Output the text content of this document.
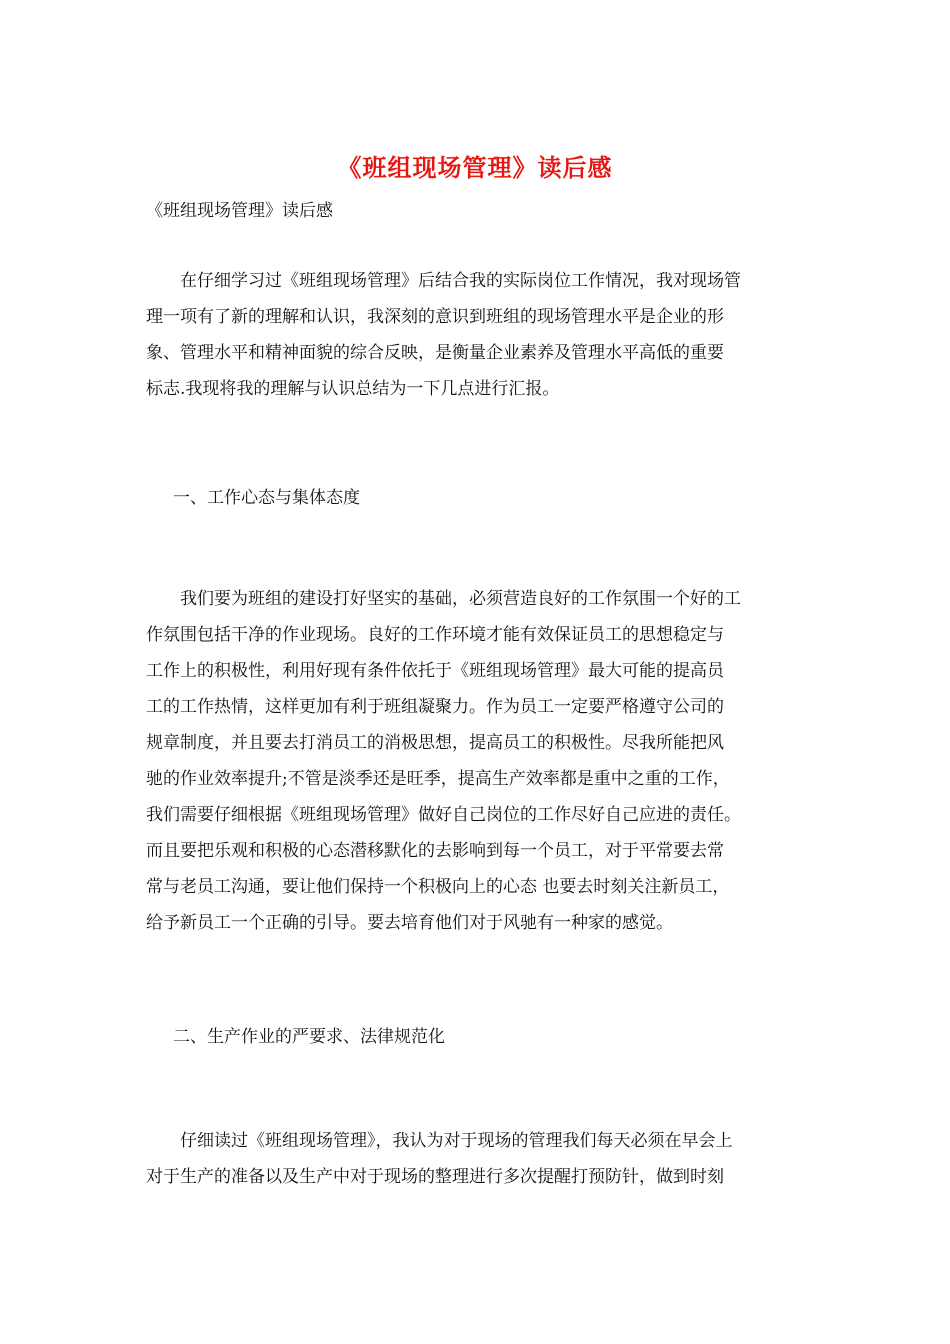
《班组现场管理》读后感
《班组现场管理》读后感
　　在仔细学习过《班组现场管理》后结合我的实际岗位工作情况，我对现场管
理一项有了新的理解和认识，我深刻的意识到班组的现场管理水平是企业的形
象、管理水平和精神面貌的综合反映，是衡量企业素养及管理水平高低的重要
标志.我现将我的理解与认识总结为一下几点进行汇报。
一、工作心态与集体态度
　　我们要为班组的建设打好坚实的基础，必须营造良好的工作氛围一个好的工
作氛围包括干净的作业现场。良好的工作环境才能有效保证员工的思想稳定与
工作上的积极性，利用好现有条件依托于《班组现场管理》最大可能的提高员
工的工作热情，这样更加有利于班组凝聚力。作为员工一定要严格遵守公司的
规章制度，并且要去打消员工的消极思想，提高员工的积极性。尽我所能把风
驰的作业效率提升;不管是淡季还是旺季，提高生产效率都是重中之重的工作，
我们需要仔细根据《班组现场管理》做好自己岗位的工作尽好自己应进的责任。
而且要把乐观和积极的心态潜移默化的去影响到每一个员工，对于平常要去常
常与老员工沟通，要让他们保持一个积极向上的心态 也要去时刻关注新员工，
给予新员工一个正确的引导。要去培育他们对于风驰有一种家的感觉。
二、生产作业的严要求、法律规范化
　　仔细读过《班组现场管理》，我认为对于现场的管理我们每天必须在早会上
对于生产的准备以及生产中对于现场的整理进行多次提醒打预防针，做到时刻
